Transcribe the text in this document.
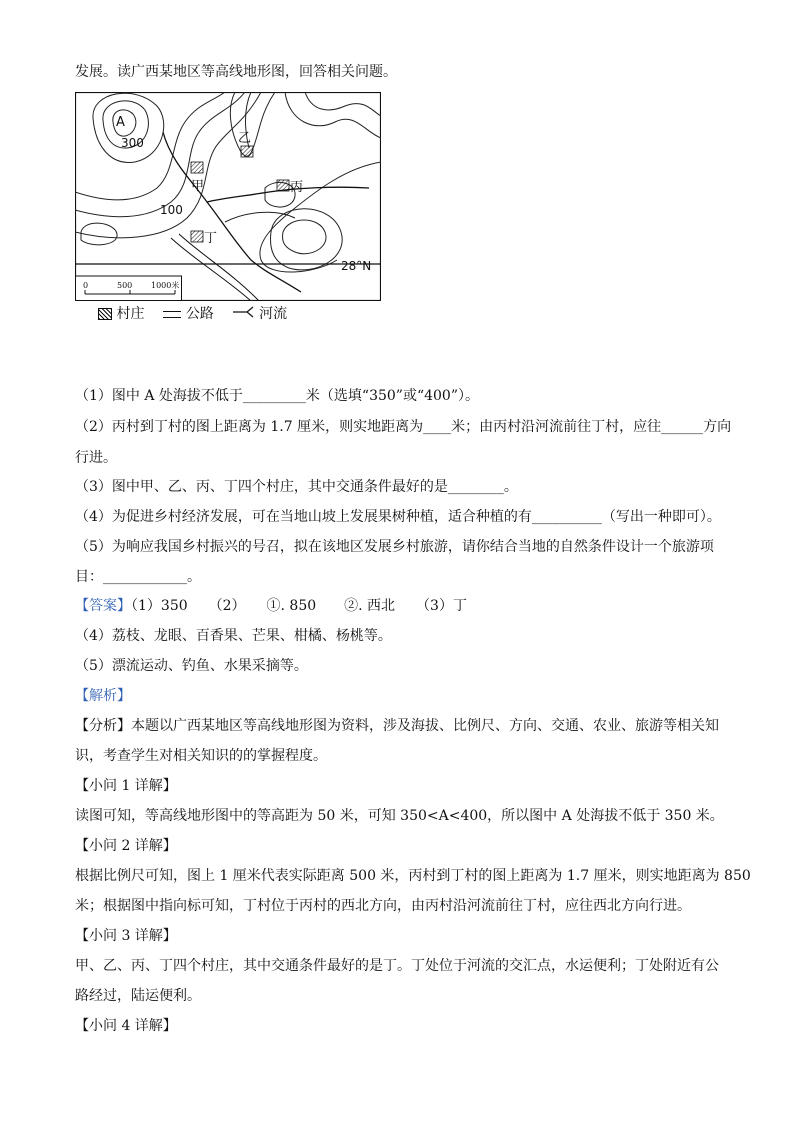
发展。读广西某地区等高线地形图，回答相关问题。
A
300
100
乙
甲	丙
丁
28°N
0	500 1000米
村庄	公路	河流
（1）图中 A 处海拔不低于_________米（选填“350”或“400”）。
（2）丙村到丁村的图上距离为 1.7 厘米，则实地距离为____米；由丙村沿河流前往丁村，应往______方向
行进。
（3）图中甲、乙、丙、丁四个村庄，其中交通条件最好的是________。
（4）为促进乡村经济发展，可在当地山坡上发展果树种植，适合种植的有__________（写出一种即可）。
（5）为响应我国乡村振兴的号召，拟在该地区发展乡村旅游，请你结合当地的自然条件设计一个旅游项
目：____________。
【答案】（1）350　　（2）　　①. 850　　②. 西北　　（3）丁
（4）荔枝、龙眼、百香果、芒果、柑橘、杨桃等。
（5）漂流运动、钓鱼、水果采摘等。
【解析】
【分析】本题以广西某地区等高线地形图为资料，涉及海拔、比例尺、方向、交通、农业、旅游等相关知
识，考查学生对相关知识的的掌握程度。
【小问 1 详解】
读图可知，等高线地形图中的等高距为 50 米，可知 350<A<400，所以图中 A 处海拔不低于 350 米。
【小问 2 详解】
根据比例尺可知，图上 1 厘米代表实际距离 500 米，丙村到丁村的图上距离为 1.7 厘米，则实地距离为 850
米；根据图中指向标可知，丁村位于丙村的西北方向，由丙村沿河流前往丁村，应往西北方向行进。
【小问 3 详解】
甲、乙、丙、丁四个村庄，其中交通条件最好的是丁。丁处位于河流的交汇点，水运便利；丁处附近有公
路经过，陆运便利。
【小问 4 详解】
